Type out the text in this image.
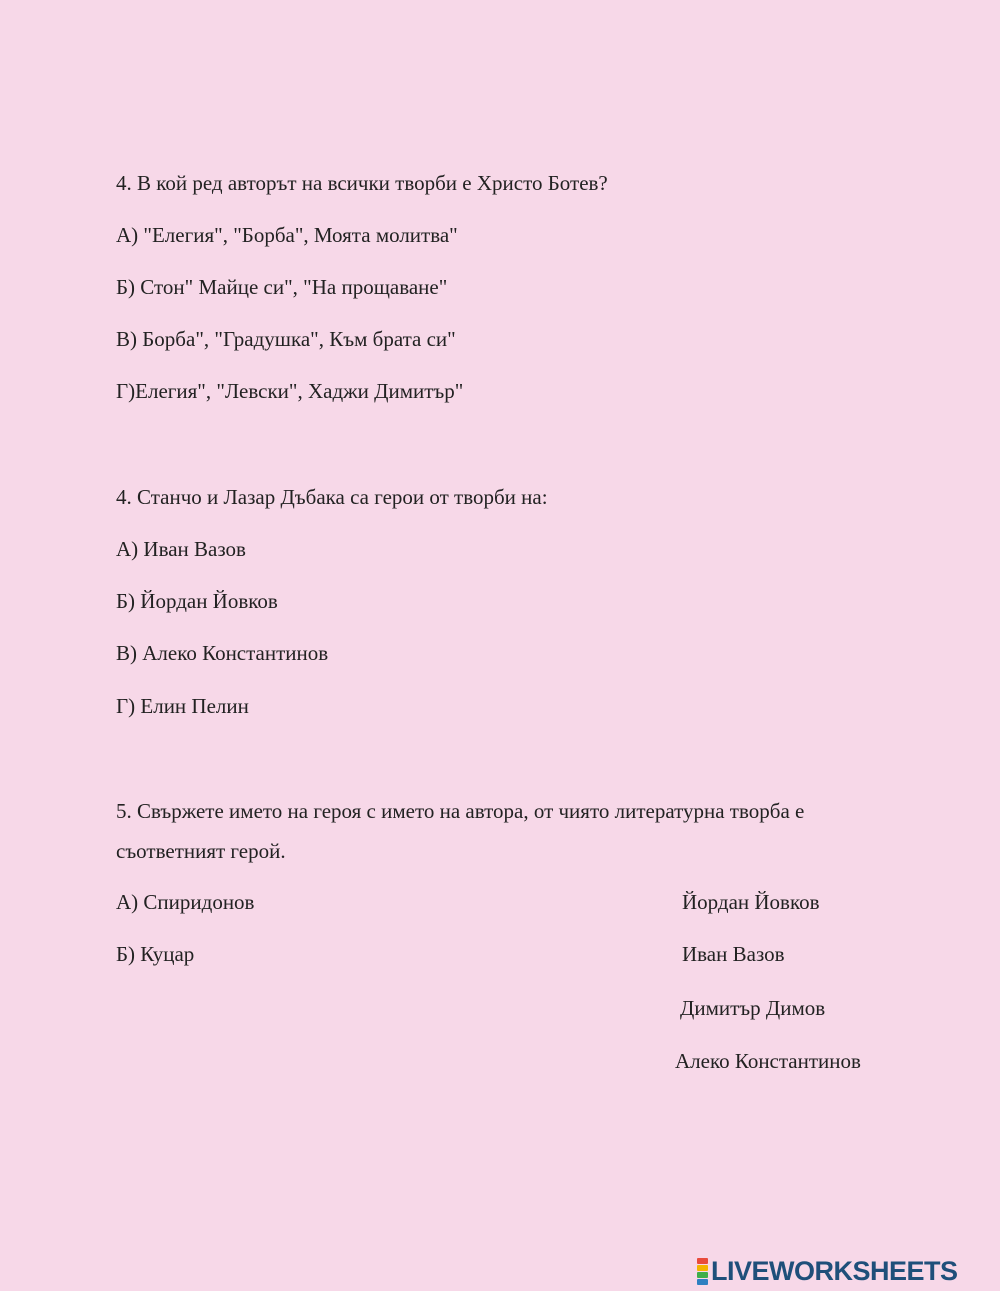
4. В кой ред авторът на всички творби е Христо Ботев?
А) "Елегия", "Борба", Моята молитва"
Б) Стон" Майце си", "На прощаване"
В) Борба", "Градушка", Към брата си"
Г)Елегия", "Левски", Хаджи Димитър"
4. Станчо и Лазар Дъбака са герои от творби на:
А) Иван Вазов
Б) Йордан Йовков
В) Алеко Константинов
Г) Елин Пелин
5. Свържете името на героя с името на автора, от чиято литературна творба е
съответният герой.
А) Спиридонов
Б) Куцар
Йордан Йовков
Иван Вазов
Димитър Димов
Алеко Константинов
LIVEWORKSHEETS
